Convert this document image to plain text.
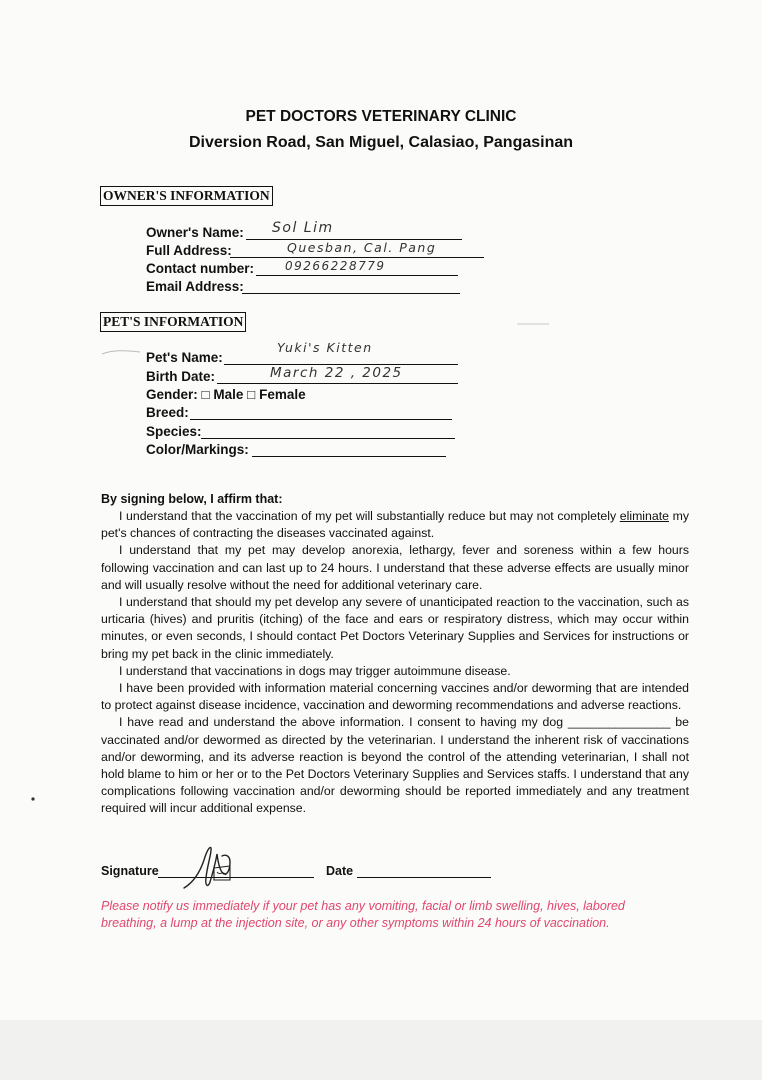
PET DOCTORS VETERINARY CLINIC
Diversion Road, San Miguel, Calasiao, Pangasinan
OWNER'S INFORMATION
Owner's Name: Sol Lim
Full Address:	Quesban, Cal. Pang
Contact number:	09266228779
Email Address:
PET'S INFORMATION
Pet's Name:
Yuki's Kitten
Birth Date:	March 22 , 2025
Gender: □ Male □ Female
Breed:
Species:
Color/Markings:
By signing below, I affirm that:

I understand that the vaccination of my pet will substantially reduce but may not completely eliminate my pet's chances of contracting the diseases vaccinated against.

I understand that my pet may develop anorexia, lethargy, fever and soreness within a few hours following vaccination and can last up to 24 hours. I understand that these adverse effects are usually minor and will usually resolve without the need for additional veterinary care.

I understand that should my pet develop any severe of unanticipated reaction to the vaccination, such as urticaria (hives) and pruritis (itching) of the face and ears or respiratory distress, which may occur within minutes, or even seconds, I should contact Pet Doctors Veterinary Supplies and Services for instructions or bring my pet back in the clinic immediately.

I understand that vaccinations in dogs may trigger autoimmune disease.

I have been provided with information material concerning vaccines and/or deworming that are intended to protect against disease incidence, vaccination and deworming recommendations and adverse reactions.

I have read and understand the above information. I consent to having my dog _______________ be vaccinated and/or dewormed as directed by the veterinarian. I understand the inherent risk of vaccinations and/or deworming, and its adverse reaction is beyond the control of the attending veterinarian, I shall not hold blame to him or her or to the Pet Doctors Veterinary Supplies and Services staffs. I understand that any complications following vaccination and/or deworming should be reported immediately and any treatment required will incur additional expense.

Signature	Date
Please notify us immediately if your pet has any vomiting, facial or limb swelling, hives, labored breathing, a lump at the injection site, or any other symptoms within 24 hours of vaccination.
